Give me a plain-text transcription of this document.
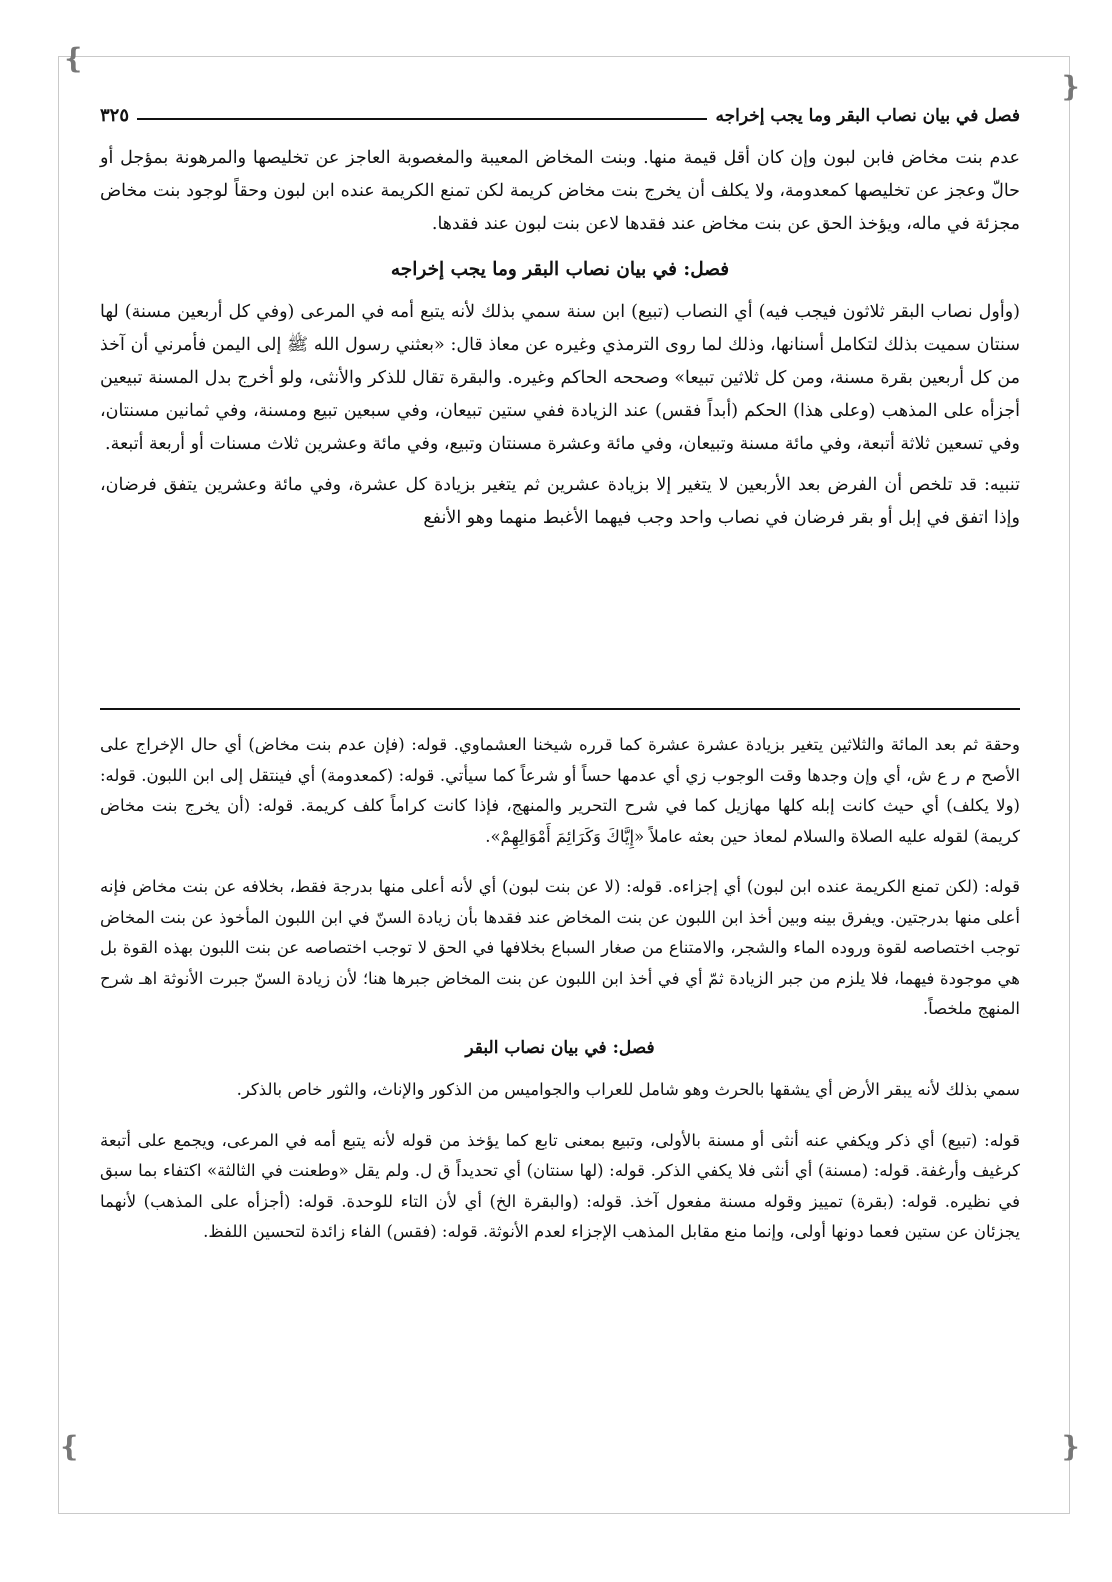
❴
❵
❴	❵
فصل في بيان نصاب البقر وما يجب إخراجه
٣٢٥

عدم بنت مخاض فابن لبون وإن كان أقل قيمة منها. وبنت المخاض المعيبة والمغصوبة العاجز عن تخليصها والمرهونة بمؤجل أو حالّ وعجز عن تخليصها كمعدومة، ولا يكلف أن يخرج بنت مخاض كريمة لكن تمنع الكريمة عنده ابن لبون وحقاً لوجود بنت مخاض مجزئة في ماله، ويؤخذ الحق عن بنت مخاض عند فقدها لاعن بنت لبون عند فقدها.

فصل: في بيان نصاب البقر وما يجب إخراجه

(وأول نصاب البقر ثلاثون فيجب فيه) أي النصاب (تبيع) ابن سنة سمي بذلك لأنه يتبع أمه في المرعى (وفي كل أربعين مسنة) لها سنتان سميت بذلك لتكامل أسنانها، وذلك لما روى الترمذي وغيره عن معاذ قال: «بعثني رسول الله ﷺ إلى اليمن فأمرني أن آخذ من كل أربعين بقرة مسنة، ومن كل ثلاثين تبيعا» وصححه الحاكم وغيره. والبقرة تقال للذكر والأنثى، ولو أخرج بدل المسنة تبيعين أجزأه على المذهب (وعلى هذا) الحكم (أبداً فقس) عند الزيادة ففي ستين تبيعان، وفي سبعين تبيع ومسنة، وفي ثمانين مسنتان، وفي تسعين ثلاثة أتبعة، وفي مائة مسنة وتبيعان، وفي مائة وعشرة مسنتان وتبيع، وفي مائة وعشرين ثلاث مسنات أو أربعة أتبعة.

تنبيه: قد تلخص أن الفرض بعد الأربعين لا يتغير إلا بزيادة عشرين ثم يتغير بزيادة كل عشرة، وفي مائة وعشرين يتفق فرضان، وإذا اتفق في إبل أو بقر فرضان في نصاب واحد وجب فيهما الأغبط منهما وهو الأنفع

وحقة ثم بعد المائة والثلاثين يتغير بزيادة عشرة عشرة كما قرره شيخنا العشماوي. قوله: (فإن عدم بنت مخاض) أي حال الإخراج على الأصح م ر ع ش، أي وإن وجدها وقت الوجوب زي أي عدمها حساً أو شرعاً كما سيأتي. قوله: (كمعدومة) أي فينتقل إلى ابن اللبون. قوله: (ولا يكلف) أي حيث كانت إبله كلها مهازيل كما في شرح التحرير والمنهج، فإذا كانت كراماً كلف كريمة. قوله: (أن يخرج بنت مخاض كريمة) لقوله عليه الصلاة والسلام لمعاذ حين بعثه عاملاً «إِيَّاكَ وَكَرَائِمَ أَمْوَالِهِمْ».

قوله: (لكن تمنع الكريمة عنده ابن لبون) أي إجزاءه. قوله: (لا عن بنت لبون) أي لأنه أعلى منها بدرجة فقط، بخلافه عن بنت مخاض فإنه أعلى منها بدرجتين. ويفرق بينه وبين أخذ ابن اللبون عن بنت المخاض عند فقدها بأن زيادة السنّ في ابن اللبون المأخوذ عن بنت المخاض توجب اختصاصه لقوة وروده الماء والشجر، والامتناع من صغار السباع بخلافها في الحق لا توجب اختصاصه عن بنت اللبون بهذه القوة بل هي موجودة فيهما، فلا يلزم من جبر الزيادة ثمّ أي في أخذ ابن اللبون عن بنت المخاض جبرها هنا؛ لأن زيادة السنّ جبرت الأنوثة اهـ شرح المنهج ملخصاً.

فصل: في بيان نصاب البقر

سمي بذلك لأنه يبقر الأرض أي يشقها بالحرث وهو شامل للعراب والجواميس من الذكور والإناث، والثور خاص بالذكر.

قوله: (تبيع) أي ذكر ويكفي عنه أنثى أو مسنة بالأولى، وتبيع بمعنى تابع كما يؤخذ من قوله لأنه يتبع أمه في المرعى، ويجمع على أتبعة كرغيف وأرغفة. قوله: (مسنة) أي أنثى فلا يكفي الذكر. قوله: (لها سنتان) أي تحديداً ق ل. ولم يقل «وطعنت في الثالثة» اكتفاء بما سبق في نظيره. قوله: (بقرة) تمييز وقوله مسنة مفعول آخذ. قوله: (والبقرة الخ) أي لأن التاء للوحدة. قوله: (أجزأه على المذهب) لأنهما يجزئان عن ستين فعما دونها أولى، وإنما منع مقابل المذهب الإجزاء لعدم الأنوثة. قوله: (فقس) الفاء زائدة لتحسين اللفظ.
